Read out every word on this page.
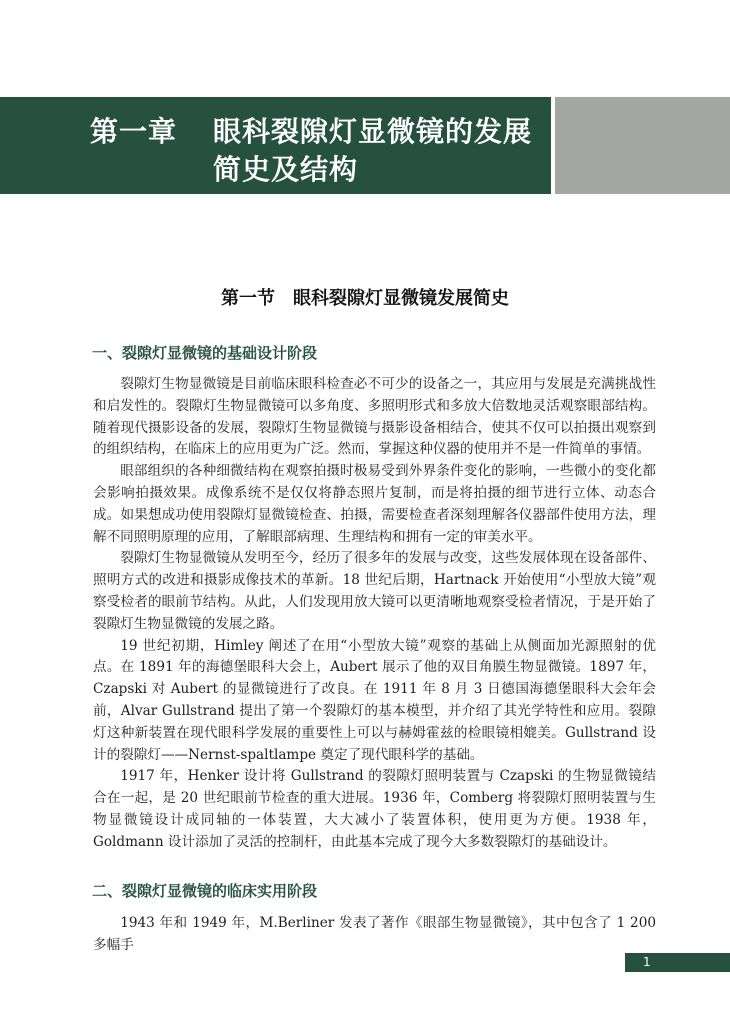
第一章 眼科裂隙灯显微镜的发展简史及结构
第一节　眼科裂隙灯显微镜发展简史
一、裂隙灯显微镜的基础设计阶段

裂隙灯生物显微镜是目前临床眼科检查必不可少的设备之一，其应用与发展是充满挑战性和启发性的。裂隙灯生物显微镜可以多角度、多照明形式和多放大倍数地灵活观察眼部结构。随着现代摄影设备的发展，裂隙灯生物显微镜与摄影设备相结合，使其不仅可以拍摄出观察到的组织结构，在临床上的应用更为广泛。然而，掌握这种仪器的使用并不是一件简单的事情。

眼部组织的各种细微结构在观察拍摄时极易受到外界条件变化的影响，一些微小的变化都会影响拍摄效果。成像系统不是仅仅将静态照片复制，而是将拍摄的细节进行立体、动态合成。如果想成功使用裂隙灯显微镜检查、拍摄，需要检查者深刻理解各仪器部件使用方法，理解不同照明原理的应用，了解眼部病理、生理结构和拥有一定的审美水平。

裂隙灯生物显微镜从发明至今，经历了很多年的发展与改变，这些发展体现在设备部件、照明方式的改进和摄影成像技术的革新。18 世纪后期，Hartnack 开始使用“小型放大镜”观察受检者的眼前节结构。从此，人们发现用放大镜可以更清晰地观察受检者情况，于是开始了裂隙灯生物显微镜的发展之路。

19 世纪初期，Himley 阐述了在用“小型放大镜”观察的基础上从侧面加光源照射的优点。在 1891 年的海德堡眼科大会上，Aubert 展示了他的双目角膜生物显微镜。1897 年，Czapski 对 Aubert 的显微镜进行了改良。在 1911 年 8 月 3 日德国海德堡眼科大会年会前，Alvar Gullstrand 提出了第一个裂隙灯的基本模型，并介绍了其光学特性和应用。裂隙灯这种新装置在现代眼科学发展的重要性上可以与赫姆霍兹的检眼镜相媲美。Gullstrand 设计的裂隙灯——Nernst-spaltlampe 奠定了现代眼科学的基础。

1917 年，Henker 设计将 Gullstrand 的裂隙灯照明装置与 Czapski 的生物显微镜结合在一起，是 20 世纪眼前节检查的重大进展。1936 年，Comberg 将裂隙灯照明装置与生物显微镜设计成同轴的一体装置，大大减小了装置体积，使用更为方便。1938 年，Goldmann 设计添加了灵活的控制杆，由此基本完成了现今大多数裂隙灯的基础设计。

二、裂隙灯显微镜的临床实用阶段

1943 年和 1949 年，M.Berliner 发表了著作《眼部生物显微镜》，其中包含了 1 200 多幅手

1
